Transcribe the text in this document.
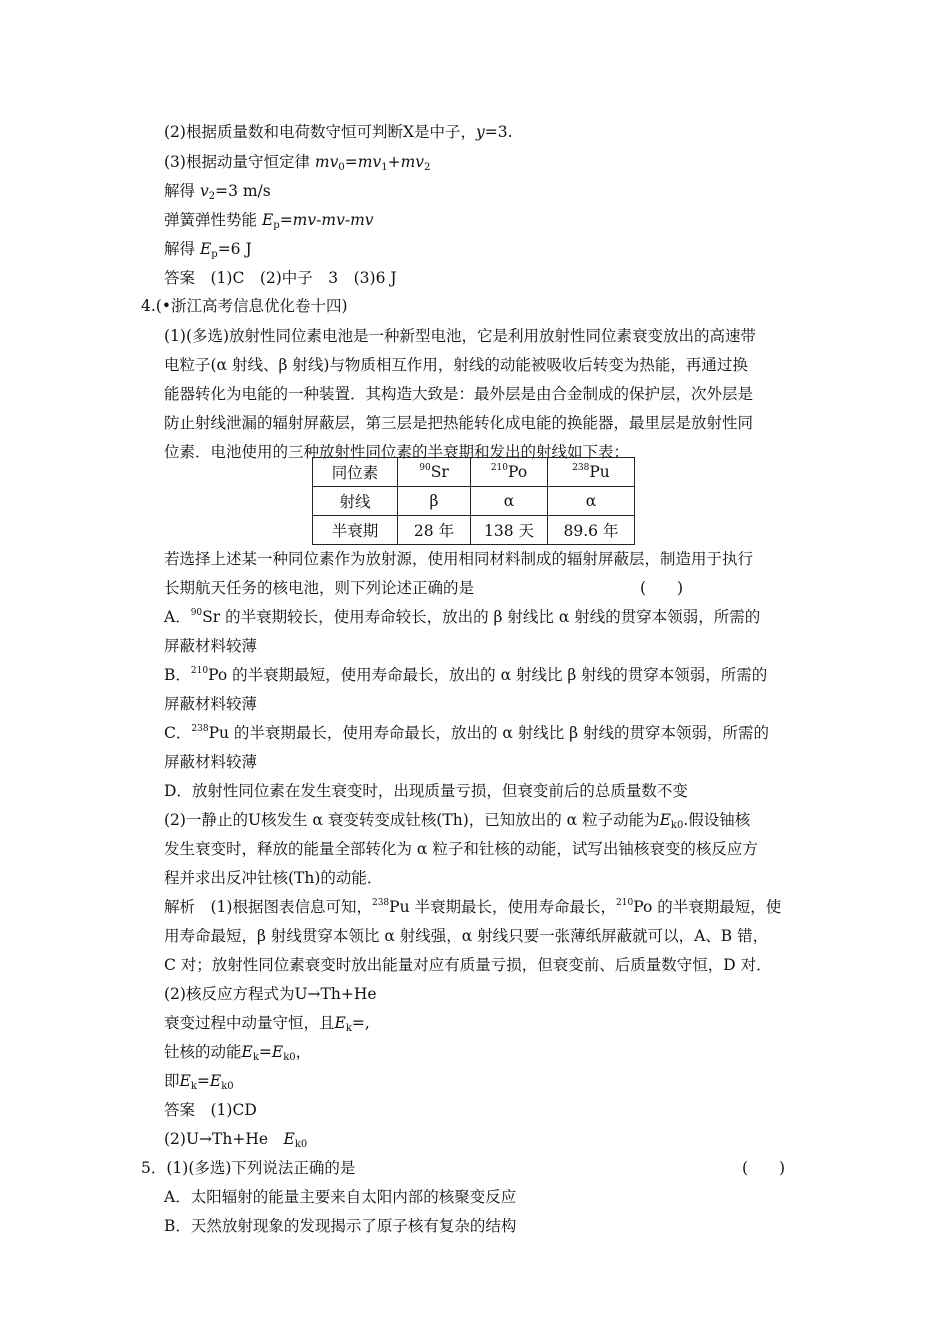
(2)根据质量数和电荷数守恒可判断X是中子，y=3.
(3)根据动量守恒定律 $mv_0=mv_1+mv_2$
解得 $v_2=3$ m/s
弹簧弹性势能 $E_p=mv-mv-mv$
解得 $E_p=6$ J
答案　(1)C　(2)中子　3　(3)6 J
4.(•浙江高考信息优化卷十四)
(1)(多选)放射性同位素电池是一种新型电池，它是利用放射性同位素衰变放出的高速带
电粒子(α 射线、β 射线)与物质相互作用，射线的动能被吸收后转变为热能，再通过换
能器转化为电能的一种装置．其构造大致是：最外层是由合金制成的保护层，次外层是
防止射线泄漏的辐射屏蔽层，第三层是把热能转化成电能的换能器，最里层是放射性同
位素．电池使用的三种放射性同位素的半衰期和发出的射线如下表：
同位素	$^{90}$Sr	$^{210}$Po	$^{238}$Pu
射线	β	α	α
半衰期	28 年	138 天	89.6 年
若选择上述某一种同位素作为放射源，使用相同材料制成的辐射屏蔽层，制造用于执行
长期航天任务的核电池，则下列论述正确的是	(　　)
A．$^{90}$Sr 的半衰期较长，使用寿命较长，放出的 β 射线比 α 射线的贯穿本领弱，所需的
屏蔽材料较薄
B．$^{210}$Po 的半衰期最短，使用寿命最长，放出的 α 射线比 β 射线的贯穿本领弱，所需的
屏蔽材料较薄
C．$^{238}$Pu 的半衰期最长，使用寿命最长，放出的 α 射线比 β 射线的贯穿本领弱，所需的
屏蔽材料较薄
D．放射性同位素在发生衰变时，出现质量亏损，但衰变前后的总质量数不变
(2)一静止的U核发生 α 衰变转变成钍核(Th)，已知放出的 α 粒子动能为$E_{k0}$.假设铀核
发生衰变时，释放的能量全部转化为 α 粒子和钍核的动能，试写出铀核衰变的核反应方
程并求出反冲钍核(Th)的动能．
解析　(1)根据图表信息可知，$^{238}$Pu 半衰期最长，使用寿命最长，$^{210}$Po 的半衰期最短，使
用寿命最短，β 射线贯穿本领比 α 射线强，α 射线只要一张薄纸屏蔽就可以，A、B 错，
C 对；放射性同位素衰变时放出能量对应有质量亏损，但衰变前、后质量数守恒，D 对．
(2)核反应方程式为U→Th+He
衰变过程中动量守恒，且$E_k=$,
钍核的动能$E_k=E_{k0}$，
即$E_k=E_{k0}$
答案　(1)CD
(2)U→Th+He　 $E_{k0}$
5．(1)(多选)下列说法正确的是	(　　)
A．太阳辐射的能量主要来自太阳内部的核聚变反应
B．天然放射现象的发现揭示了原子核有复杂的结构
